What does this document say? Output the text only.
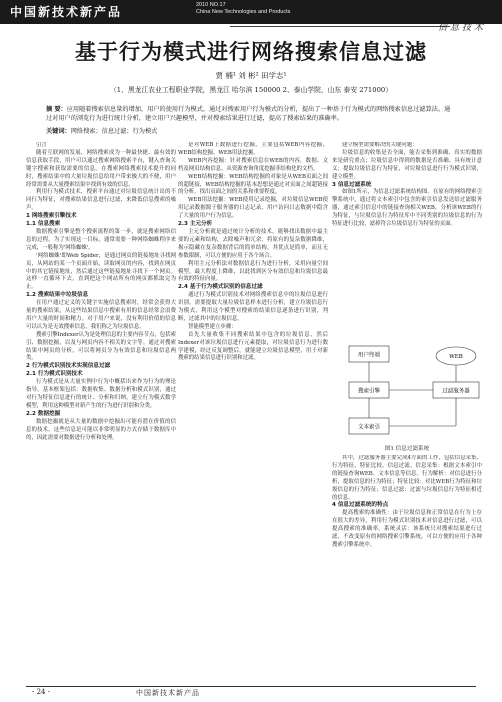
中国新技术新产品	2010 NO.17
China New Technologies and Products
信息技术
基于行为模式进行网络搜索信息过滤
贾 楠¹ 刘 彬² 田学志¹
（1、黑龙江农业工程职业学院，黑龙江 哈尔滨 150000 2、泰山学院，山东 泰安 271000）
摘 要：应用随着搜索信息量的增加，用户的使用行为模式，通过对搜索用户行为模式的分析，提出了一种基于行为模式的网络搜索信息过滤算法。通过对用户的浏览行为进行统计分析，建立用户兴趣模型，并对搜索结果进行过滤，提高了搜索结果的准确率。
关键词：网络搜索；信息过滤；行为模式

引言

随着互联网的发展，网络搜索成为一种最快捷、最有效的信息获取手段，用户可以通过搜索网络搜索平台，键入查询关键字搜索和获取需要的信息。在搜索网络搜索技术提升的同时，搜索结果中的大量垃圾信息给用户带来极大的不便，用户经常需要从大量搜索结果中找到有效的信息。

利用行为模式技术，搜索平台通过对垃圾信息统计出的不同行为特征，对搜索结果信息进行过滤，来降低信息搜索的噪声。

1 网络搜索引擎技术
1.1 信息搜索

数据搜索引擎是整个搜索流程的第一步，就是搜索网络信息的过程。为了实现这一目标，通常需要一种网络蜘蛛程序来完成，一般称为'网络蜘蛛'。

'网络蜘蛛'即Web Spider，是通过网页的链接地址寻找网页，从网站的某一个页面开始，读取网页的内容，找到在网页中的其它链接地址，然后通过这些链接地址寻找下一个网页。这样一直循环下去，直到把这个网站所有的网页都抓取完为止。

1.2 搜索结果中垃圾信息

在用户通过定义的关键字实施信息搜索时，经常会获得大量的搜索结果，从这些结果信息中搜索有用的信息经常会浪费用户大量的时间和精力。对于用户来说，没有利用价值的信息可以认为是无效搜索信息，我们称之为垃圾信息。

搜索引擎Indexer认为是处理信息的主要内容节点，包括索引、数据挖掘，以及与网页内容不相关的文字等。通过对搜索结果中网页的分析，可以将网页分为有效信息和垃圾信息两类。

2 行为模式识别技术实现信息过滤
2.1 行为模式识别技术

行为模式是从大量实例中行为中概括出来作为行为的理论指导，基本框架包括：数据收集、数据分析和模式识别，通过对行为特征信息进行的统计、分析和归纳，建立行为模式数学模型，利用这种模型对新产生的行为进行识别和分类。

2.2 数据挖掘

数据挖掘就是从大量的数据中挖掘出可能有潜在价值的信息的技术。这些信息是可能以非常明显的方式存储于数据库中的，因此需要对数据进行分析和处理。

是对WEB上数据进行挖掘，主要包括WEB内容挖掘、WEB结构挖掘、WEB用法挖掘。

WEB内容挖掘：针对搜索信息在WEB的内容，数据、文档及网页结构信息，从资源查询角度挖掘非结构化的文档。

WEB结构挖掘：WEB结构挖掘的对象是从WEB页面之间的超链接，WEB结构挖掘的基本思想是通过对页面之间超链接的分析，找出页面之间的关系和重要程度。

WEB用法挖掘：WEB使用记录挖掘，对垃圾信息WEB使用记录数据源于服务器的日志记录，用户访问日志数据中隐含了大量的用户行为信息。

2.3 主元分析

主元分析就是通过统计分析的技术，能够找出数据中最主要的元素和结构，去除噪声和冗余，将原有的复杂数据降维，揭示隐藏在复杂数据背后的简单结构。其优点是简单，而且无参数限制，可以方便的应用于各个场合。

利用主元分析法对数据信息行为进行分析，采用向量空间模型，最大程度上降维，以此找到区分有效信息和垃圾信息最有效的特征向量。

2.4 基于行为模式识别的信息过滤

通过行为模式识别技术对网络搜索信息中的垃圾信息进行识别。需要提取大量垃圾信息样本进行分析，建立垃圾信息行为模式，利用这个模型对搜索的结果信息逐条进行识别，判断，过滤其中的垃圾信息。

智能模型建立步骤：

首先大量收集不同搜索结果中包含的垃圾信息，然后Indexer对该垃圾信息进行元素提取，对垃圾信息行为进行数学建模，经过反复调整后，就能建立垃圾信息模型，用于对新搜索的结果信息进行识别和过滤。

建立模型需要解决的关键问题：

垃圾信息的收集是否全面，能否采集到准确、真实的数据来是研究重点；垃圾信息中得到的数据是否准确、具有统计意义；提取垃圾信息行为特征，对垃圾信息进行行为模式识别，建立模型。

3 信息过滤系统

如图1所示，为信息过滤系统结构图。在原有的网络搜索引擎系统中，通过将文本索引中包含的索引信息发送给过滤服务器，通过索引信息中的链接查询相关WEB，分析该WEB的行为特征，与垃圾信息行为特征库中不同类别的垃圾信息的行为特征进行比较，滤掉符合垃圾信息行为特征的页面。

用户终端
搜索引擎
文本索引
过滤服务器
WEB
图1 信息过滤系统

其中，过滤服务器主要完成4方面的工作，包括信息采集、行为特征、特征比较、信息过滤。信息采集：根据文本索引中的链接查询WEB。文本信息等信息。行为解析：对信息进行分析，提取信息的行为特征；特征比较：对比WEB行为特征和垃圾信息的行为特征；信息过滤：过滤与垃圾信息行为特征相近的信息。

4 信息过滤系统的特点

提高搜索的准确性：由于垃圾信息和正常信息在行为上存在很大的差异，利用行为模式识别技术对信息进行过滤，可以提高搜索的准确率。系统灵活：该系统只对搜索结果进行过滤，不改变原有的网络搜索引擎系统，可以方便的应用于各种搜索引擎系统中。

- 24 -	中国新技术新产品
